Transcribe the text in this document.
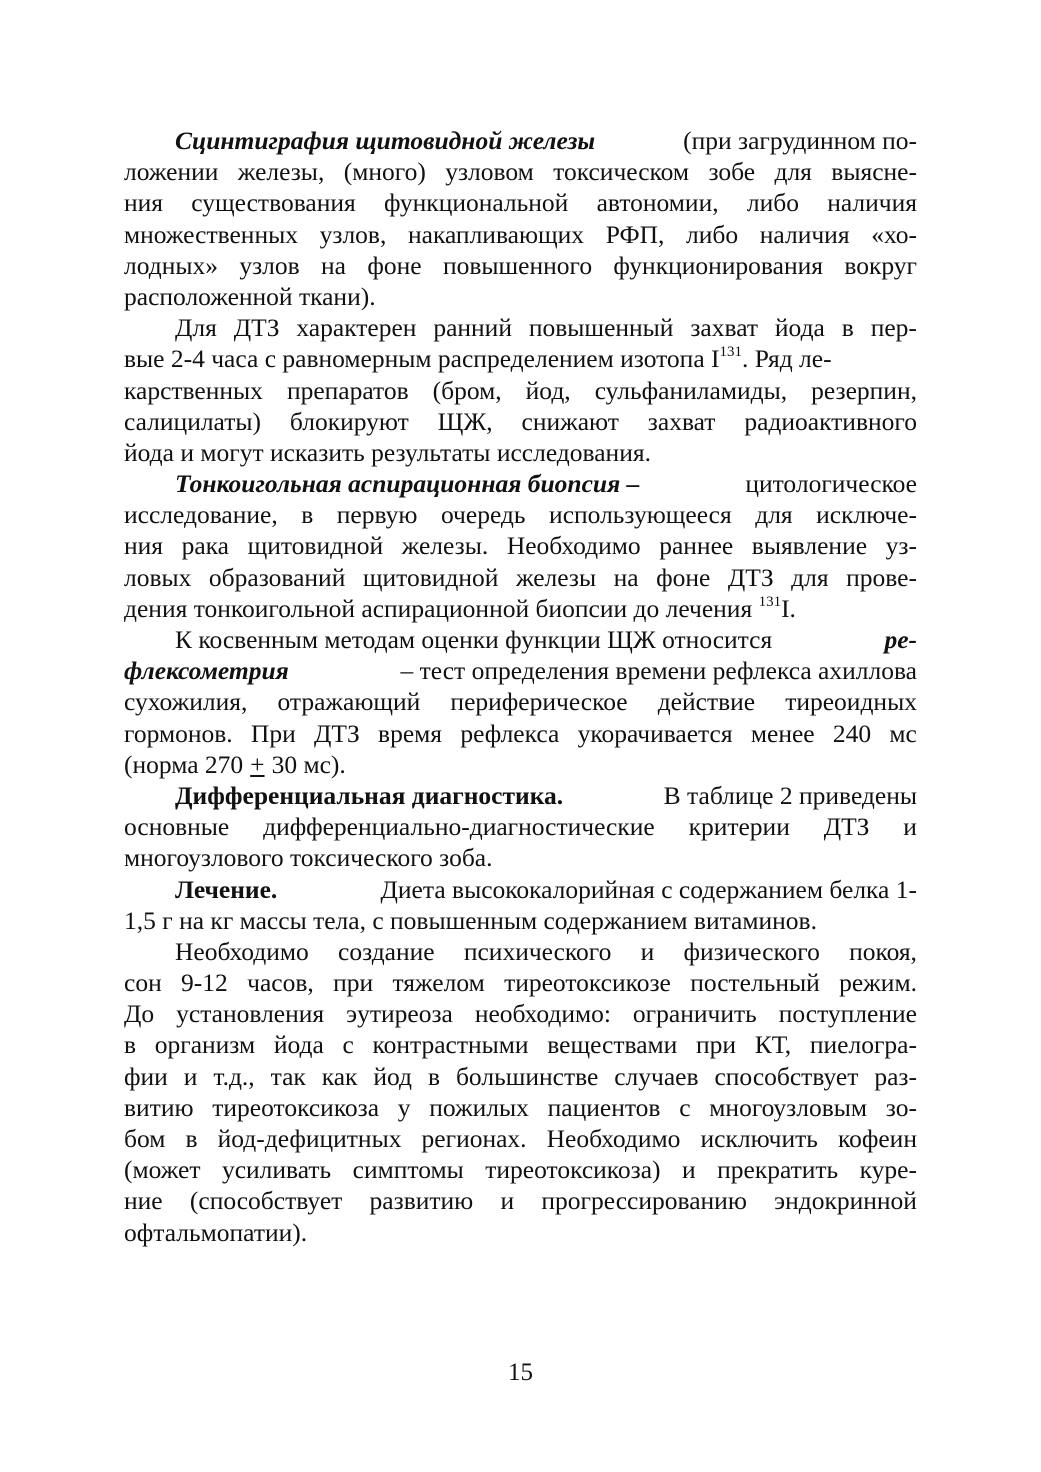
Сцинтиграфия щитовидной железы	(при загрудинном по-
ложении железы, (много) узловом токсическом зобе для выясне-
ния существования функциональной автономии, либо наличия
множественных узлов, накапливающих РФП, либо наличия «хо-
лодных» узлов на фоне повышенного функционирования вокруг
расположенной ткани).
Для ДТЗ характерен ранний повышенный захват йода в пер-
вые 2-4 часа с равномерным распределением изотопа $I^{131}$. Ряд ле-
карственных препаратов (бром, йод, сульфаниламиды, резерпин,
салицилаты) блокируют ЩЖ, снижают захват радиоактивного
йода и могут исказить результаты исследования.
Тонкоигольная аспирационная биопсия –	цитологическое
исследование, в первую очередь использующееся для исключе-
ния рака щитовидной железы. Необходимо раннее выявление уз-
ловых образований щитовидной железы на фоне ДТЗ для прове-
дения тонкоигольной аспирационной биопсии до лечения $^{131}$I.
К косвенным методам оценки функции ЩЖ относится	ре-
флексометрия	– тест определения времени рефлекса ахиллова
сухожилия, отражающий периферическое действие тиреоидных
гормонов. При ДТЗ время рефлекса укорачивается менее 240 мс
(норма 270 + 30 мс).
Дифференциальная диагностика.	В таблице 2 приведены
основные дифференциально-диагностические критерии ДТЗ и
многоузлового токсического зоба.
Лечение.	Диета высококалорийная с содержанием белка 1-
1,5 г на кг массы тела, с повышенным содержанием витаминов.
Необходимо создание психического и физического покоя,
сон 9-12 часов, при тяжелом тиреотоксикозе постельный режим.
До установления эутиреоза необходимо: ограничить поступление
в организм йода с контрастными веществами при КТ, пиелогра-
фии и т.д., так как йод в большинстве случаев способствует раз-
витию тиреотоксикоза у пожилых пациентов с многоузловым зо-
бом в йод-дефицитных регионах. Необходимо исключить кофеин
(может усиливать симптомы тиреотоксикоза) и прекратить куре-
ние (способствует развитию и прогрессированию эндокринной
офтальмопатии).
15
